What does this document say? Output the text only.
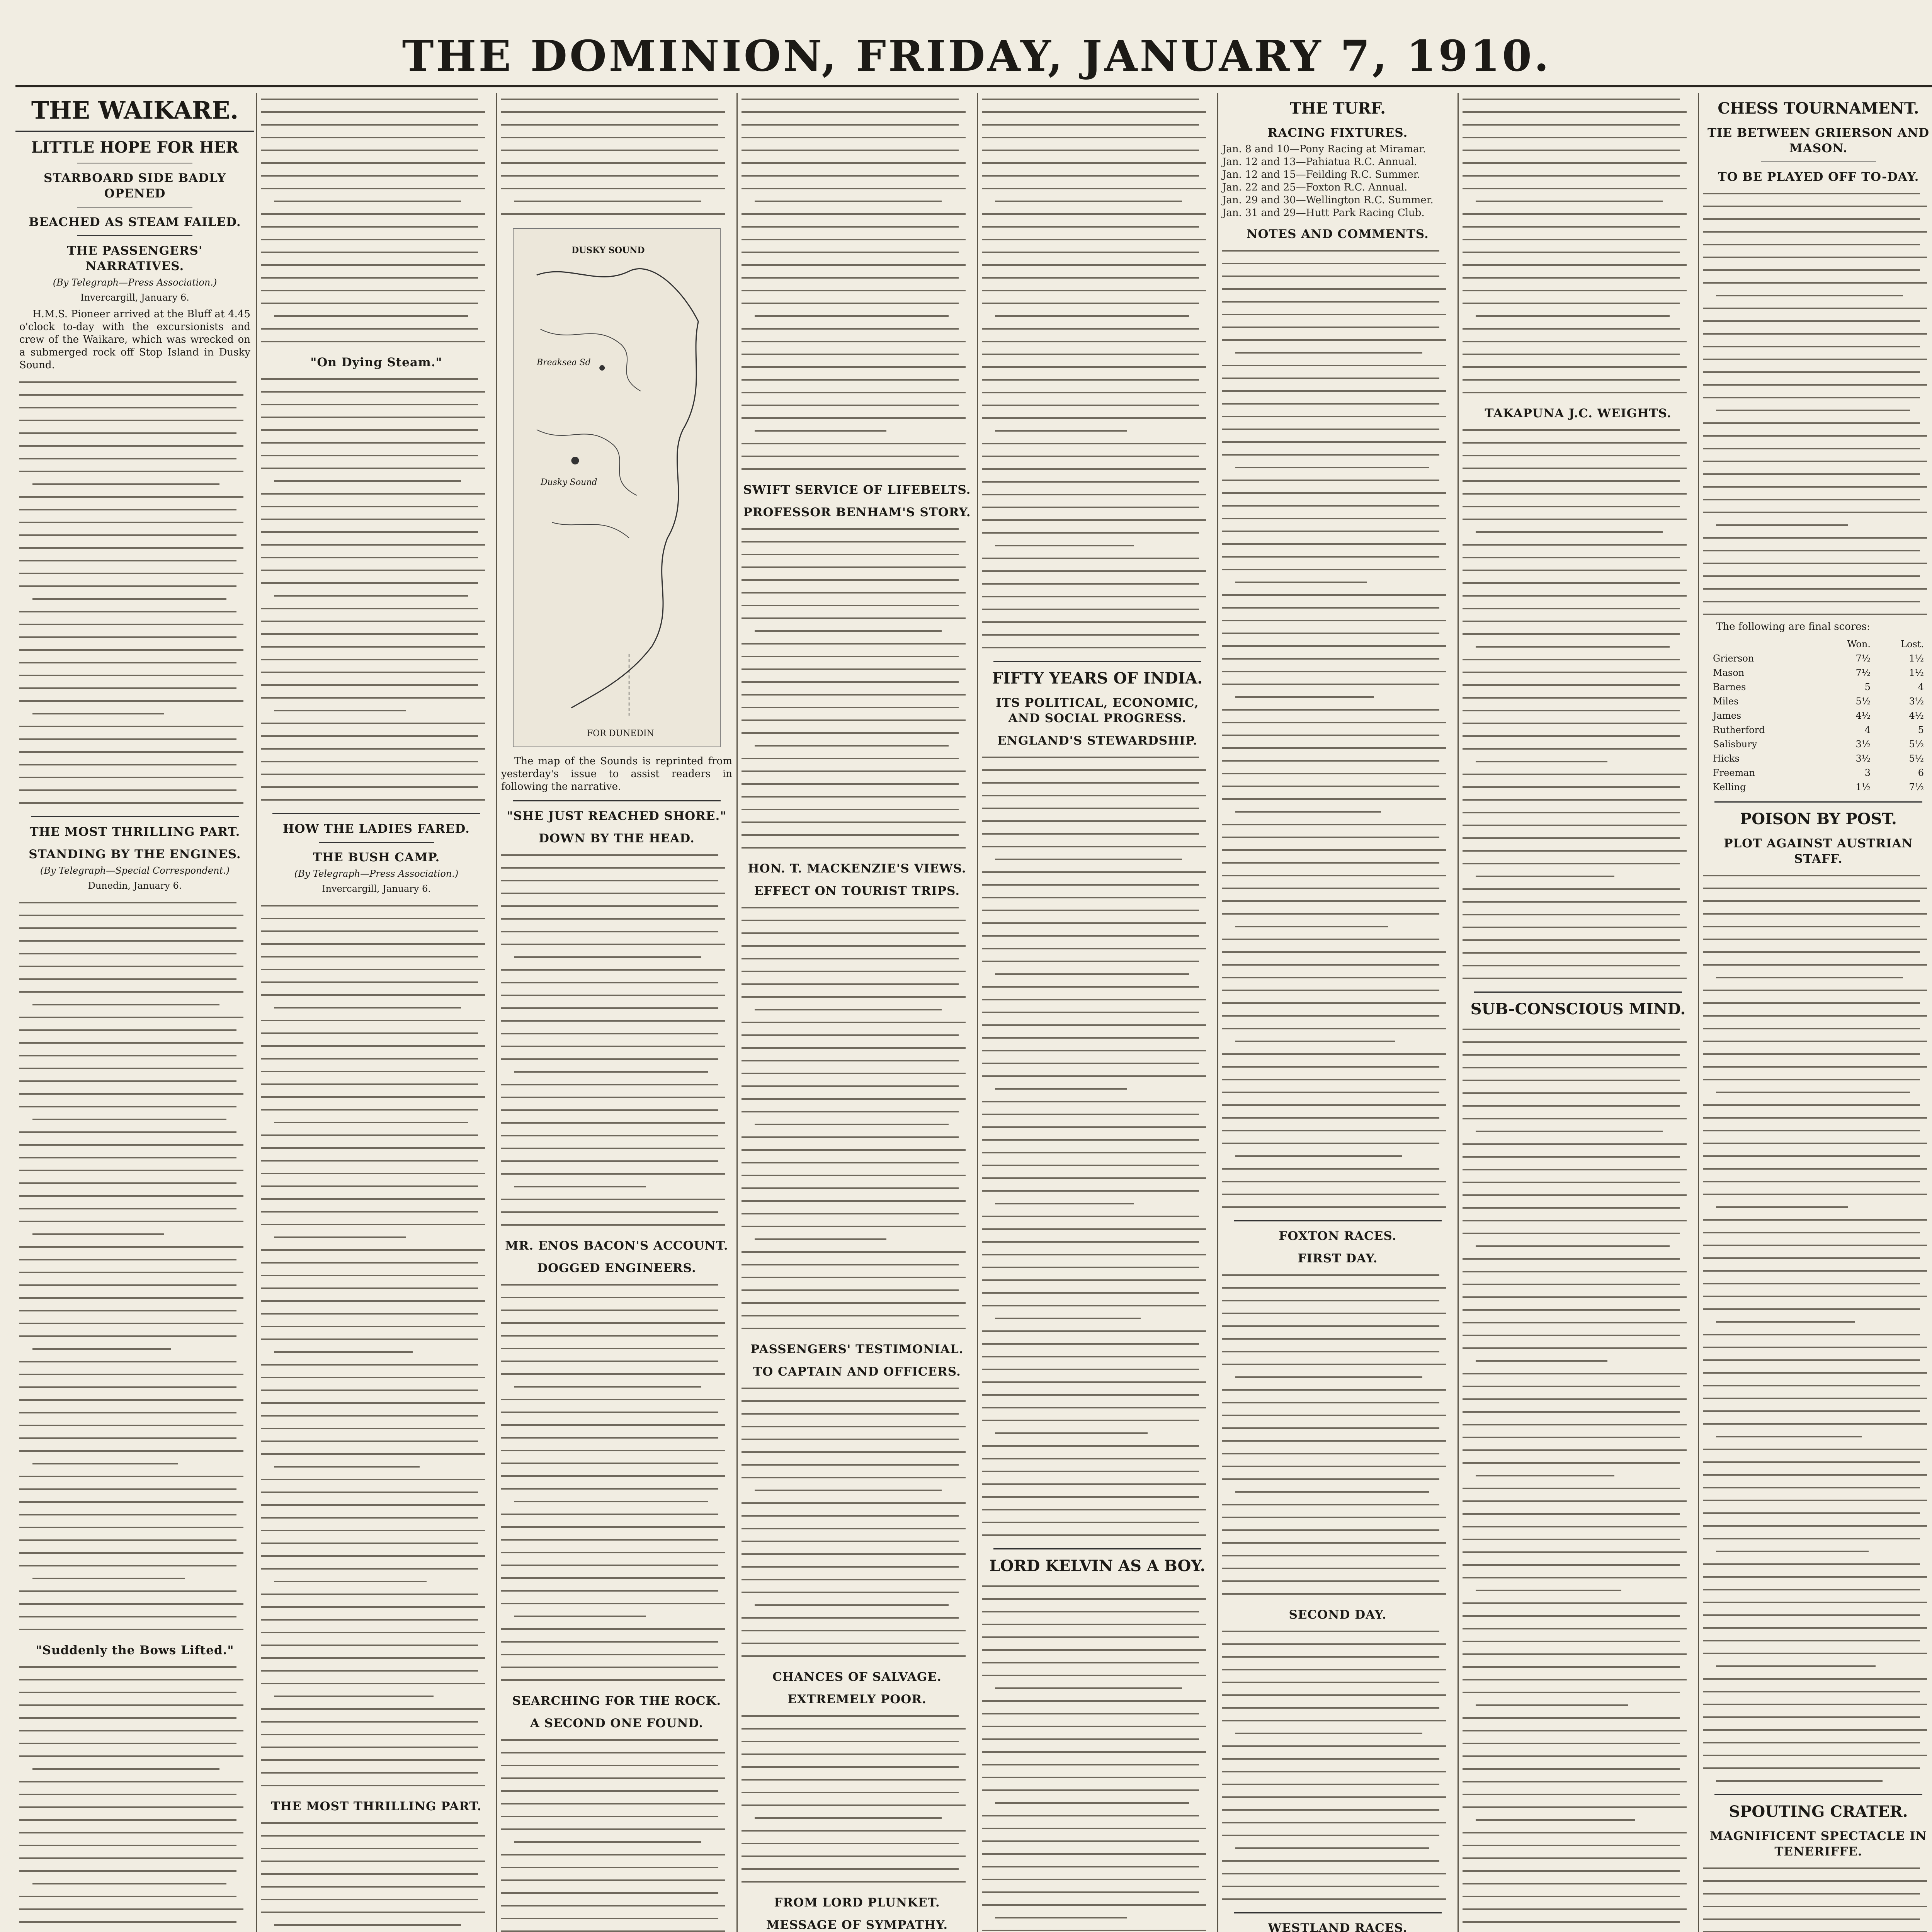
THE DOMINION, FRIDAY, JANUARY 7, 1910.
THE WAIKARE.
LITTLE HOPE FOR HER
STARBOARD SIDE BADLY OPENED
BEACHED AS STEAM FAILED.
THE PASSENGERS' NARRATIVES.
(By Telegraph—Press Association.)
Invercargill, January 6.

H.M.S. Pioneer arrived at the Bluff at 4.45 o'clock to-day with the excursionists and crew of the Waikare, which was wrecked on a submerged rock off Stop Island in Dusky Sound.

THE MOST THRILLING PART.
STANDING BY THE ENGINES.
(By Telegraph—Special Correspondent.)
Dunedin, January 6.
"Suddenly the Bows Lifted."
"On Dying Steam."
HOW THE LADIES FARED.
THE BUSH CAMP.
(By Telegraph—Press Association.)
Invercargill, January 6.
THE MOST THRILLING PART.
DUSKY SOUND
Breaksea Sd
Dusky Sound
FOR DUNEDIN

The map of the Sounds is reprinted from yesterday's issue to assist readers in following the narrative.

"SHE JUST REACHED SHORE."
DOWN BY THE HEAD.
MR. ENOS BACON'S ACCOUNT.
DOGGED ENGINEERS.
SEARCHING FOR THE ROCK.
A SECOND ONE FOUND.
SWIFT SERVICE OF LIFEBELTS.
PROFESSOR BENHAM'S STORY.
HON. T. MACKENZIE'S VIEWS.
EFFECT ON TOURIST TRIPS.
PASSENGERS' TESTIMONIAL.
TO CAPTAIN AND OFFICERS.
CHANCES OF SALVAGE.
EXTREMELY POOR.
FROM LORD PLUNKET.
MESSAGE OF SYMPATHY.
FIFTY YEARS OF INDIA.
ITS POLITICAL, ECONOMIC, AND SOCIAL PROGRESS.
ENGLAND'S STEWARDSHIP.
LORD KELVIN AS A BOY.
THE TURF.
RACING FIXTURES.
Jan. 8 and 10—Pony Racing at Miramar.
Jan. 12 and 13—Pahiatua R.C. Annual.
Jan. 12 and 15—Feilding R.C. Summer.
Jan. 22 and 25—Foxton R.C. Annual.
Jan. 29 and 30—Wellington R.C. Summer.
Jan. 31 and 29—Hutt Park Racing Club.
NOTES AND COMMENTS.
FOXTON RACES.
FIRST DAY.
SECOND DAY.
WESTLAND RACES.
TAKAPUNA J.C. WEIGHTS.
SUB-CONSCIOUS MIND.
CHESS TOURNAMENT.
TIE BETWEEN GRIERSON AND MASON.
TO BE PLAYED OFF TO-DAY.

The following are final scores:

	Won.	Lost.
Grierson	7½	1½
Mason	7½	1½
Barnes	5	4
Miles	5½	3½
James	4½	4½
Rutherford	4	5
Salisbury	3½	5½
Hicks	3½	5½
Freeman	3	6
Kelling	1½	7½
POISON BY POST.
PLOT AGAINST AUSTRIAN STAFF.
SPOUTING CRATER.
MAGNIFICENT SPECTACLE IN TENERIFFE.
